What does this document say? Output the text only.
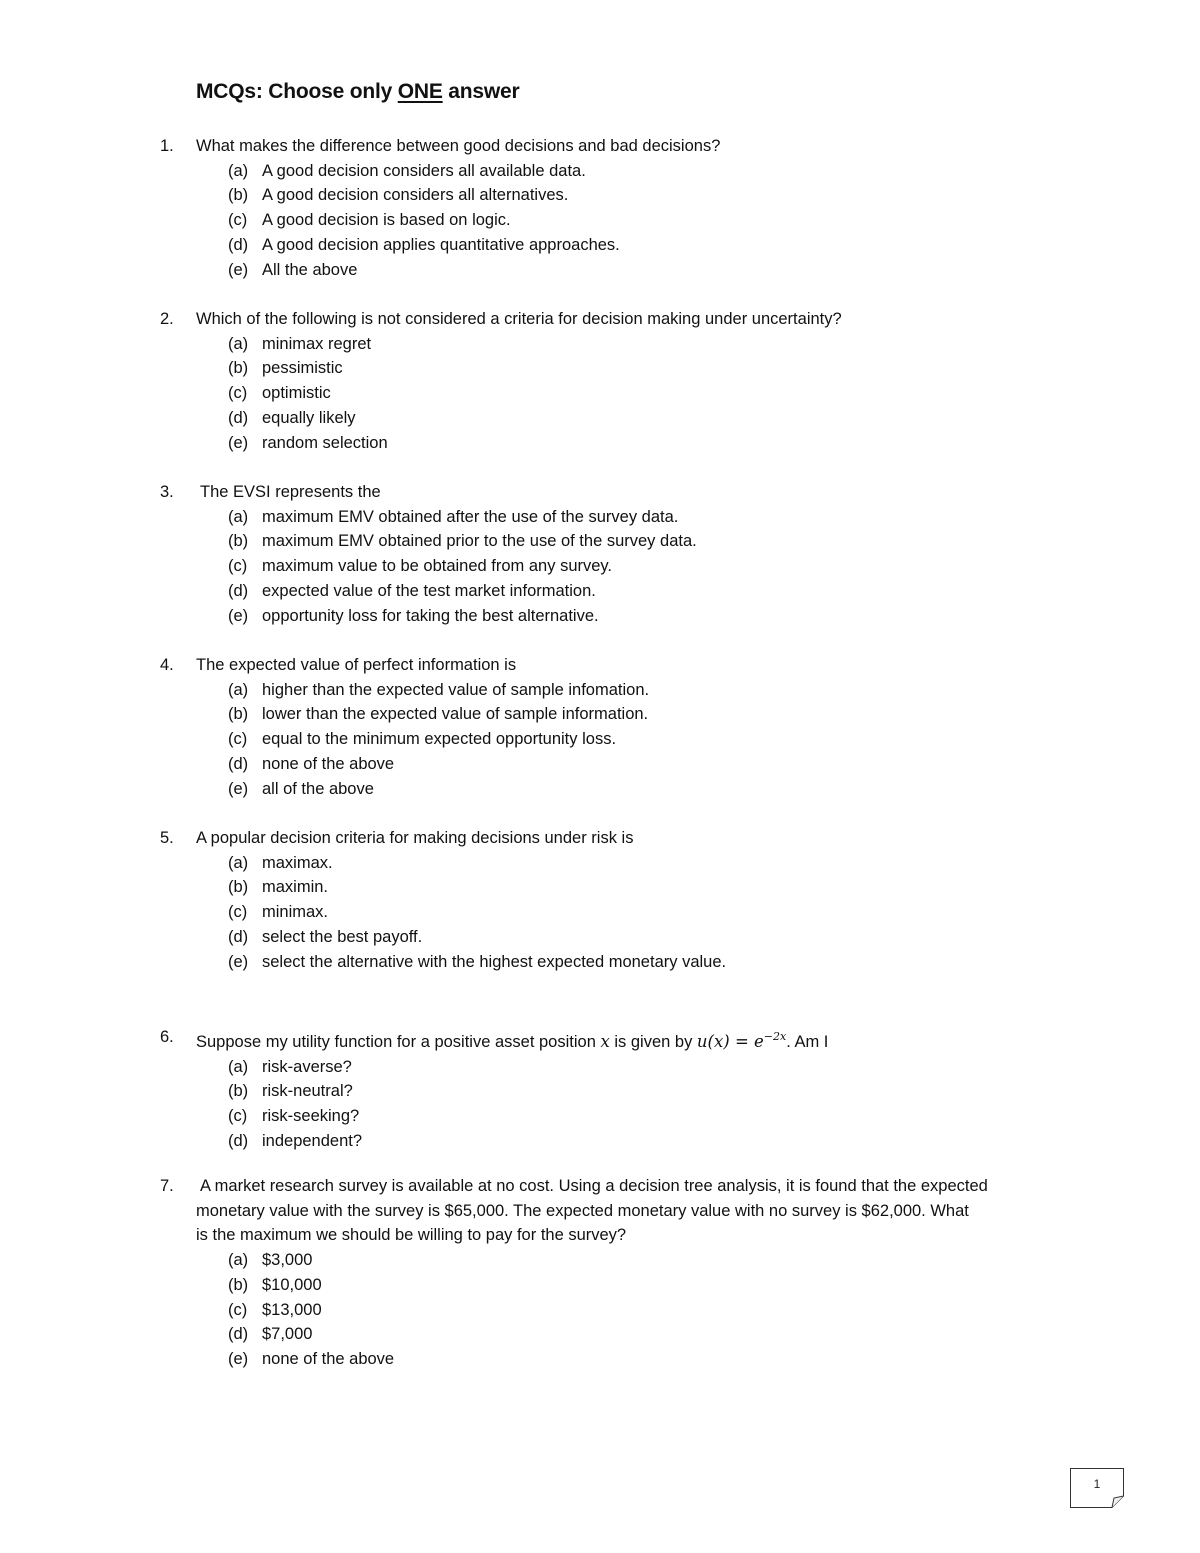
MCQs: Choose only ONE answer
1. What makes the difference between good decisions and bad decisions?
(a) A good decision considers all available data.
(b) A good decision considers all alternatives.
(c) A good decision is based on logic.
(d) A good decision applies quantitative approaches.
(e) All the above
2. Which of the following is not considered a criteria for decision making under uncertainty?
(a) minimax regret
(b) pessimistic
(c) optimistic
(d) equally likely
(e) random selection
3. The EVSI represents the
(a) maximum EMV obtained after the use of the survey data.
(b) maximum EMV obtained prior to the use of the survey data.
(c) maximum value to be obtained from any survey.
(d) expected value of the test market information.
(e) opportunity loss for taking the best alternative.
4. The expected value of perfect information is
(a) higher than the expected value of sample infomation.
(b) lower than the expected value of sample information.
(c) equal to the minimum expected opportunity loss.
(d) none of the above
(e) all of the above
5. A popular decision criteria for making decisions under risk is
(a) maximax.
(b) maximin.
(c) minimax.
(d) select the best payoff.
(e) select the alternative with the highest expected monetary value.
6. Suppose my utility function for a positive asset position x is given by $u(x) = e^{-2x}$. Am I
(a) risk-averse?
(b) risk-neutral?
(c) risk-seeking?
(d) independent?
7. A market research survey is available at no cost. Using a decision tree analysis, it is found that the expected
monetary value with the survey is $65,000. The expected monetary value with no survey is $62,000. What
is the maximum we should be willing to pay for the survey?
(a) $3,000
(b) $10,000
(c) $13,000
(d) $7,000
(e) none of the above
1
